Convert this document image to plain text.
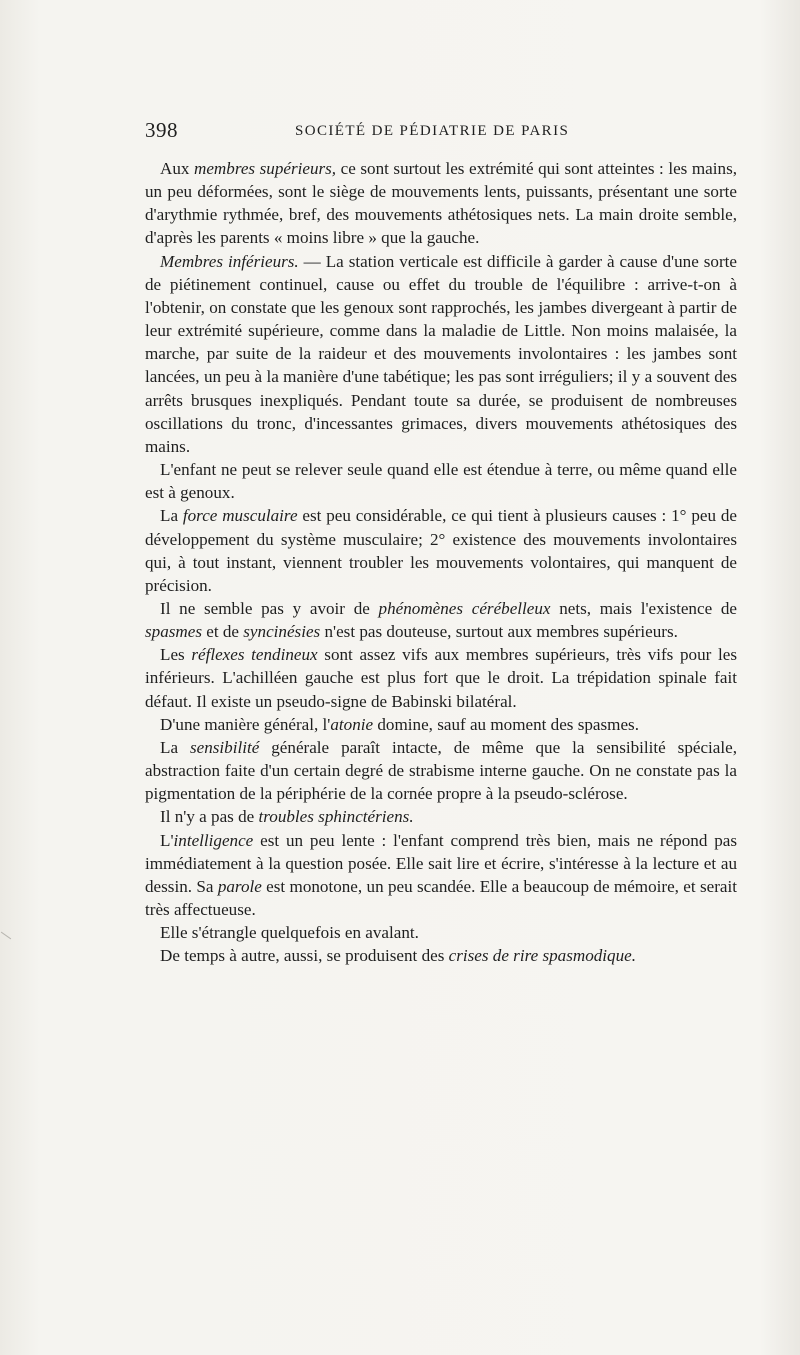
398	SOCIÉTÉ DE PÉDIATRIE DE PARIS

Aux membres supérieurs, ce sont surtout les extrémité qui sont atteintes : les mains, un peu déformées, sont le siège de mouvements lents, puissants, présentant une sorte d'arythmie rythmée, bref, des mouvements athétosiques nets. La main droite semble, d'après les parents « moins libre » que la gauche.

Membres inférieurs. — La station verticale est difficile à garder à cause d'une sorte de piétinement continuel, cause ou effet du trouble de l'équilibre : arrive-t-on à l'obtenir, on constate que les genoux sont rapprochés, les jambes divergeant à partir de leur extrémité supérieure, comme dans la maladie de Little. Non moins malaisée, la marche, par suite de la raideur et des mouvements involontaires : les jambes sont lancées, un peu à la manière d'une tabétique; les pas sont irréguliers; il y a souvent des arrêts brusques inexpliqués. Pendant toute sa durée, se produisent de nombreuses oscillations du tronc, d'incessantes grimaces, divers mouvements athétosiques des mains.

L'enfant ne peut se relever seule quand elle est étendue à terre, ou même quand elle est à genoux.

La force musculaire est peu considérable, ce qui tient à plusieurs causes : 1° peu de développement du système musculaire; 2° existence des mouvements involontaires qui, à tout instant, viennent troubler les mouvements volontaires, qui manquent de précision.

Il ne semble pas y avoir de phénomènes cérébelleux nets, mais l'existence de spasmes et de syncinésies n'est pas douteuse, surtout aux membres supérieurs.

Les réflexes tendineux sont assez vifs aux membres supérieurs, très vifs pour les inférieurs. L'achilléen gauche est plus fort que le droit. La trépidation spinale fait défaut. Il existe un pseudo-signe de Babinski bilatéral.

D'une manière général, l'atonie domine, sauf au moment des spasmes.

La sensibilité générale paraît intacte, de même que la sensibilité spéciale, abstraction faite d'un certain degré de strabisme interne gauche. On ne constate pas la pigmentation de la périphérie de la cornée propre à la pseudo-sclérose.

Il n'y a pas de troubles sphinctériens.

L'intelligence est un peu lente : l'enfant comprend très bien, mais ne répond pas immédiatement à la question posée. Elle sait lire et écrire, s'intéresse à la lecture et au dessin. Sa parole est monotone, un peu scandée. Elle a beaucoup de mémoire, et serait très affectueuse.

Elle s'étrangle quelquefois en avalant.

De temps à autre, aussi, se produisent des crises de rire spasmodique.
